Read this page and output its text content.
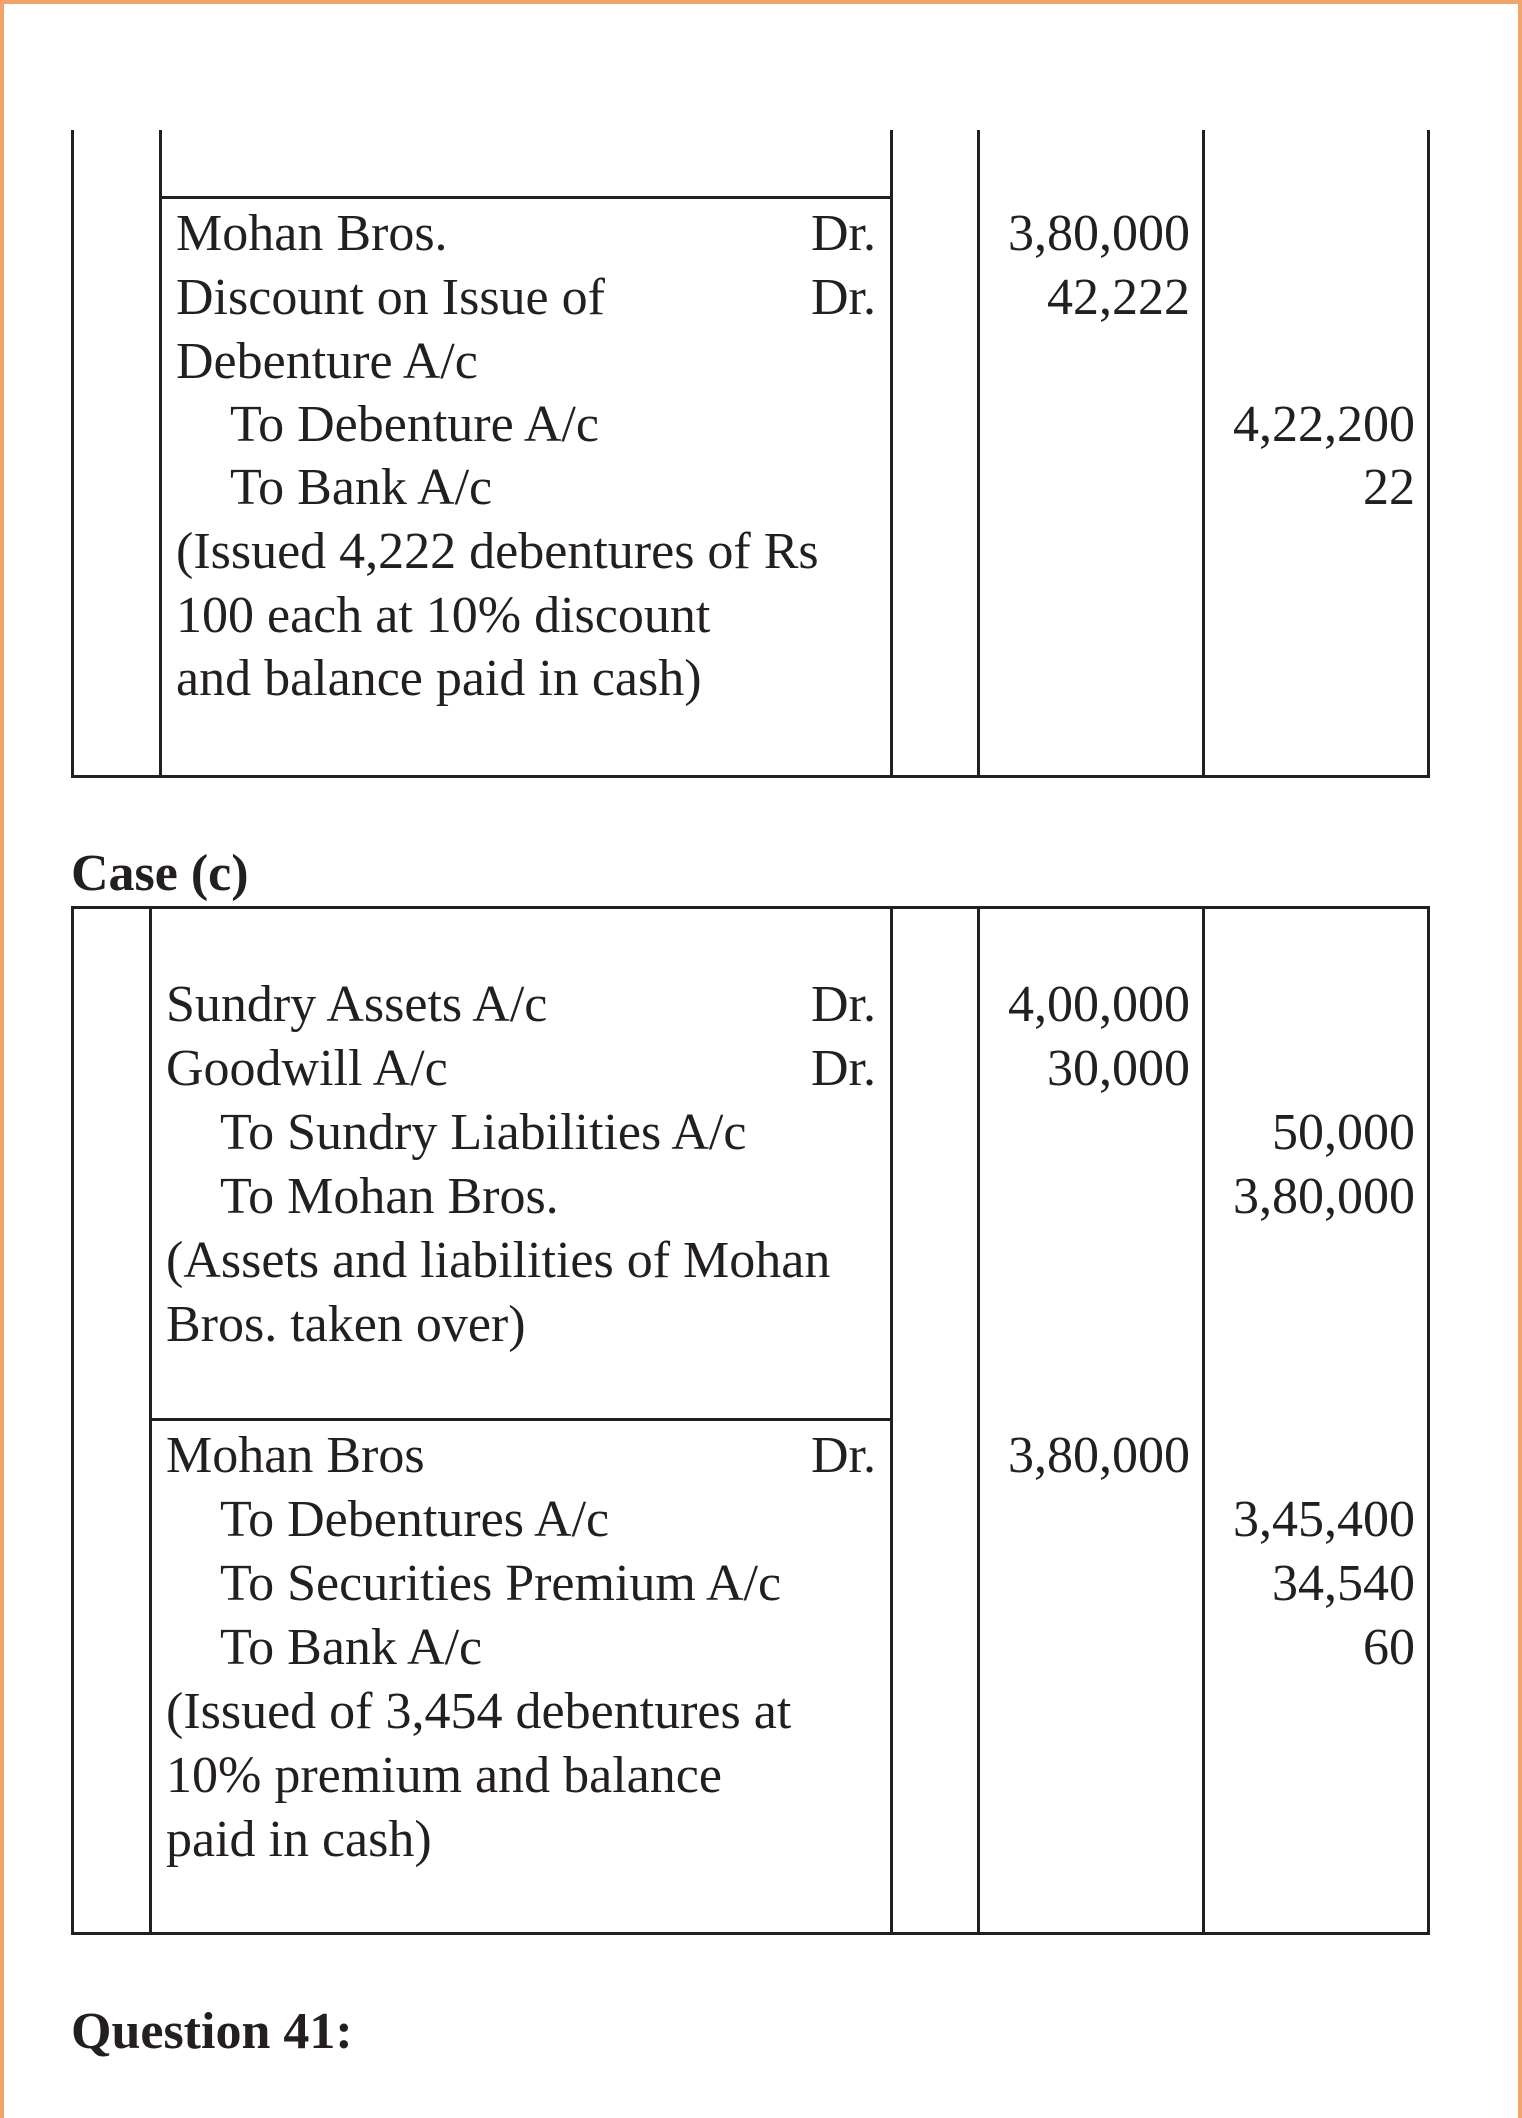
Mohan Bros.

Discount on Issue of

Debenture A/c

To Debenture A/c

To Bank A/c

(Issued 4,222 debentures of Rs

100 each at 10% discount

and balance paid in cash)

Dr.
Dr.
3,80,000
42,222
4,22,200
22
Case (c)

Sundry Assets A/c

Goodwill A/c

To Sundry Liabilities A/c

To Mohan Bros.

(Assets and liabilities of Mohan

Bros. taken over)

Dr.
Dr.
4,00,000
30,000
50,000
3,80,000

Mohan Bros

To Debentures A/c

To Securities Premium A/c

To Bank A/c

(Issued of 3,454 debentures at

10% premium and balance

paid in cash)

Dr.	3,80,000
3,45,400
34,540
60
Question 41:
